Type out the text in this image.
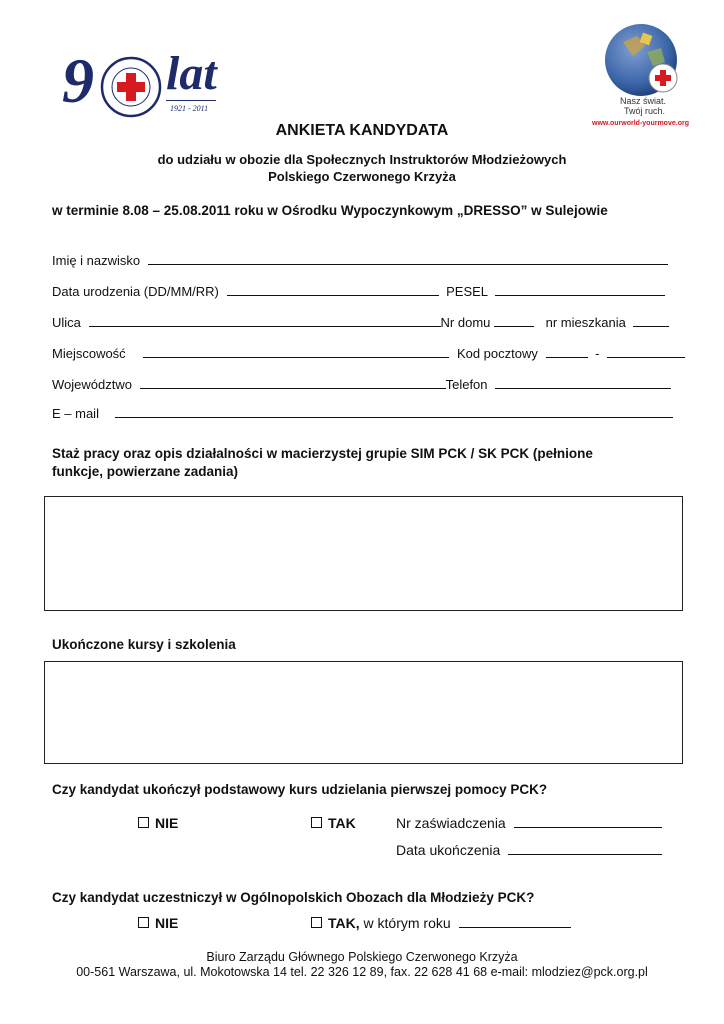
9 lat
1921 - 2011
Nasz świat.
Twój ruch.
www.ourworld-yourmove.org
ANKIETA KANDYDATA
do udziału w obozie dla Społecznych Instruktorów Młodzieżowych
Polskiego Czerwonego Krzyża
w terminie 8.08 – 25.08.2011 roku w Ośrodku Wypoczynkowym „DRESSO” w Sulejowie
Imię i nazwisko
Data urodzenia (DD/MM/RR)	PESEL
Ulica	Nr domu	nr mieszkania
Miejscowość	Kod pocztowy	-
Województwo	Telefon
E – mail
Staż pracy oraz opis działalności w macierzystej grupie SIM PCK / SK PCK (pełnione
funkcje, powierzane zadania)
Ukończone kursy i szkolenia
Czy kandydat ukończył podstawowy kurs udzielania pierwszej pomocy PCK?
NIE	TAK	Nr zaświadczenia
Data ukończenia
Czy kandydat uczestniczył w Ogólnopolskich Obozach dla Młodzieży PCK?
NIE	TAK, w którym roku
Biuro Zarządu Głównego Polskiego Czerwonego Krzyża
00-561 Warszawa, ul. Mokotowska 14 tel. 22 326 12 89, fax. 22 628 41 68 e-mail: mlodziez@pck.org.pl
